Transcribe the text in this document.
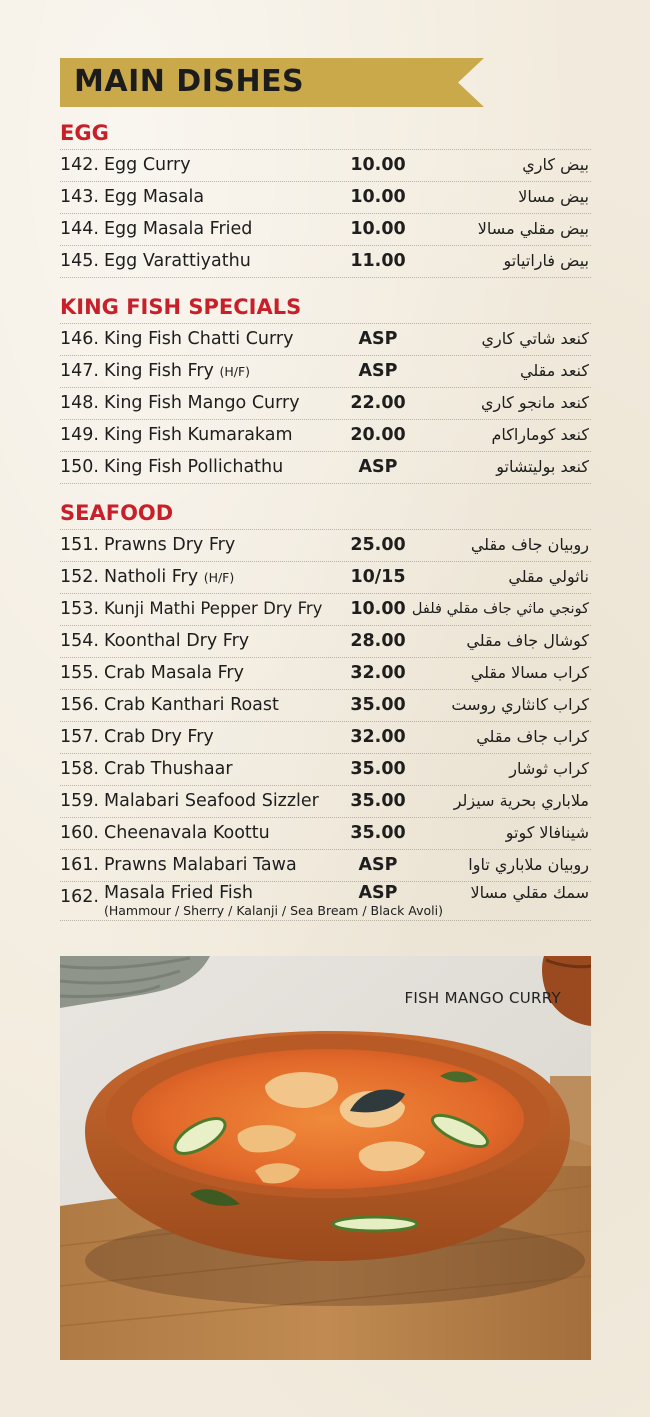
MAIN DISHES
EGG
142. Egg Curry	10.00	بيض كاري
143. Egg Masala	10.00	بيض مسالا
144. Egg Masala Fried	10.00	بيض مقلي مسالا
145. Egg Varattiyathu	11.00	بيض فاراتياتو
KING FISH SPECIALS
146. King Fish Chatti Curry	ASP	كنعد شاتي كاري
147. King Fish Fry (H/F)	ASP	كنعد مقلي
148. King Fish Mango Curry	22.00	كنعد مانجو كاري
149. King Fish Kumarakam	20.00	كنعد كوماراكام
150. King Fish Pollichathu	ASP	كنعد بوليتشاتو
SEAFOOD
151. Prawns Dry Fry	25.00	روبيان جاف مقلي
152. Natholi Fry (H/F)	10/15	ناثولي مقلي
153. Kunji Mathi Pepper Dry Fry	10.00 كونجي ماثي جاف مقلي فلفل
154. Koonthal Dry Fry	28.00	كوشال جاف مقلي
155. Crab Masala Fry	32.00	كراب مسالا مقلي
156. Crab Kanthari Roast	35.00	كراب كانثاري روست
157. Crab Dry Fry	32.00	كراب جاف مقلي
158. Crab Thushaar	35.00	كراب ثوشار
159. Malabari Seafood Sizzler	35.00	ملاباري بحرية سيزلر
160. Cheenavala Koottu	35.00	شينافالا كوتو
161. Prawns Malabari Tawa	ASP	روبيان ملاباري تاوا
162. Masala Fried Fish	ASP	سمك مقلي مسالا
(Hammour / Sherry / Kalanji / Sea Bream / Black Avoli)
FISH MANGO CURRY
